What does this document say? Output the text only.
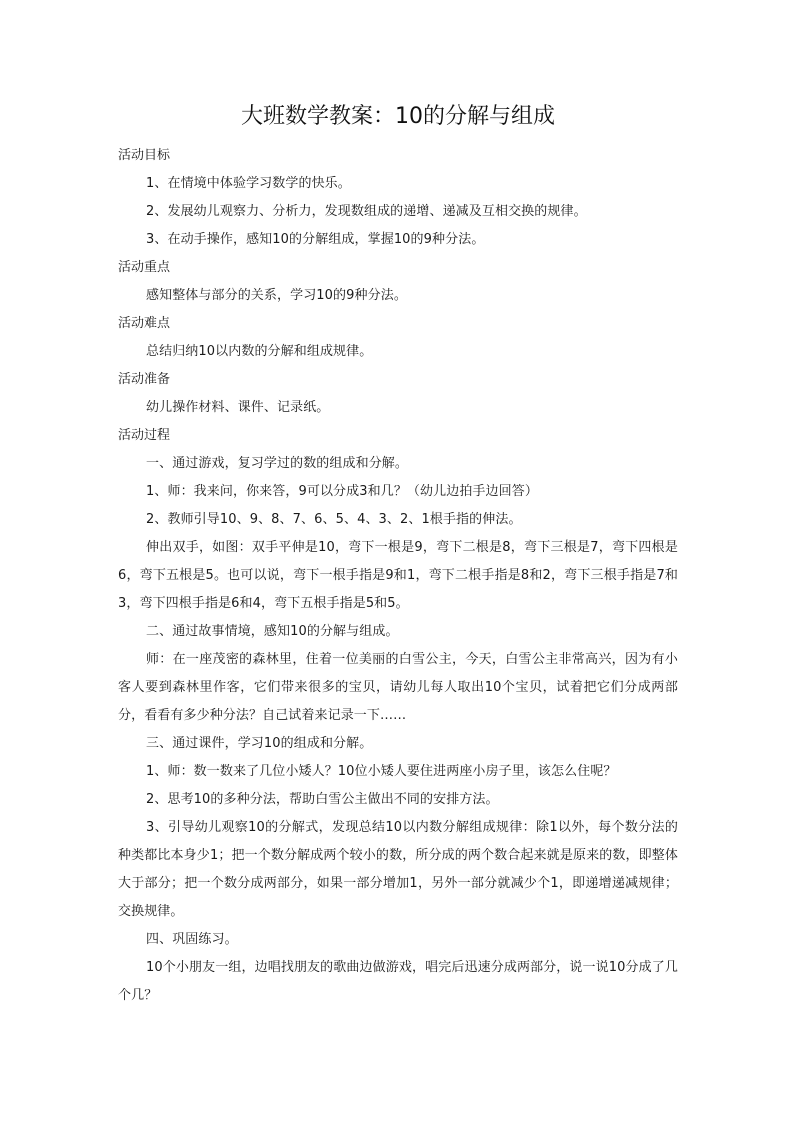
大班数学教案：10的分解与组成

活动目标

1、在情境中体验学习数学的快乐。

2、发展幼儿观察力、分析力，发现数组成的递增、递减及互相交换的规律。

3、在动手操作，感知10的分解组成，掌握10的9种分法。

活动重点

感知整体与部分的关系，学习10的9种分法。

活动难点

总结归纳10以内数的分解和组成规律。

活动准备

幼儿操作材料、课件、记录纸。

活动过程

一、通过游戏，复习学过的数的组成和分解。

1、师：我来问，你来答，9可以分成3和几？（幼儿边拍手边回答）

2、教师引导10、9、8、7、6、5、4、3、2、1根手指的伸法。

伸出双手，如图：双手平伸是10，弯下一根是9，弯下二根是8，弯下三根是7，弯下四根是6，弯下五根是5。也可以说，弯下一根手指是9和1，弯下二根手指是8和2，弯下三根手指是7和3，弯下四根手指是6和4，弯下五根手指是5和5。

二、通过故事情境，感知10的分解与组成。

师：在一座茂密的森林里，住着一位美丽的白雪公主，今天，白雪公主非常高兴，因为有小客人要到森林里作客，它们带来很多的宝贝，请幼儿每人取出10个宝贝，试着把它们分成两部分，看看有多少种分法？自己试着来记录一下……

三、通过课件，学习10的组成和分解。

1、师：数一数来了几位小矮人？10位小矮人要住进两座小房子里，该怎么住呢？

2、思考10的多种分法，帮助白雪公主做出不同的安排方法。

3、引导幼儿观察10的分解式，发现总结10以内数分解组成规律：除1以外，每个数分法的种类都比本身少1；把一个数分解成两个较小的数，所分成的两个数合起来就是原来的数，即整体大于部分；把一个数分成两部分，如果一部分增加1，另外一部分就减少个1，即递增递减规律；交换规律。

四、巩固练习。

10个小朋友一组，边唱找朋友的歌曲边做游戏，唱完后迅速分成两部分，说一说10分成了几个几？
